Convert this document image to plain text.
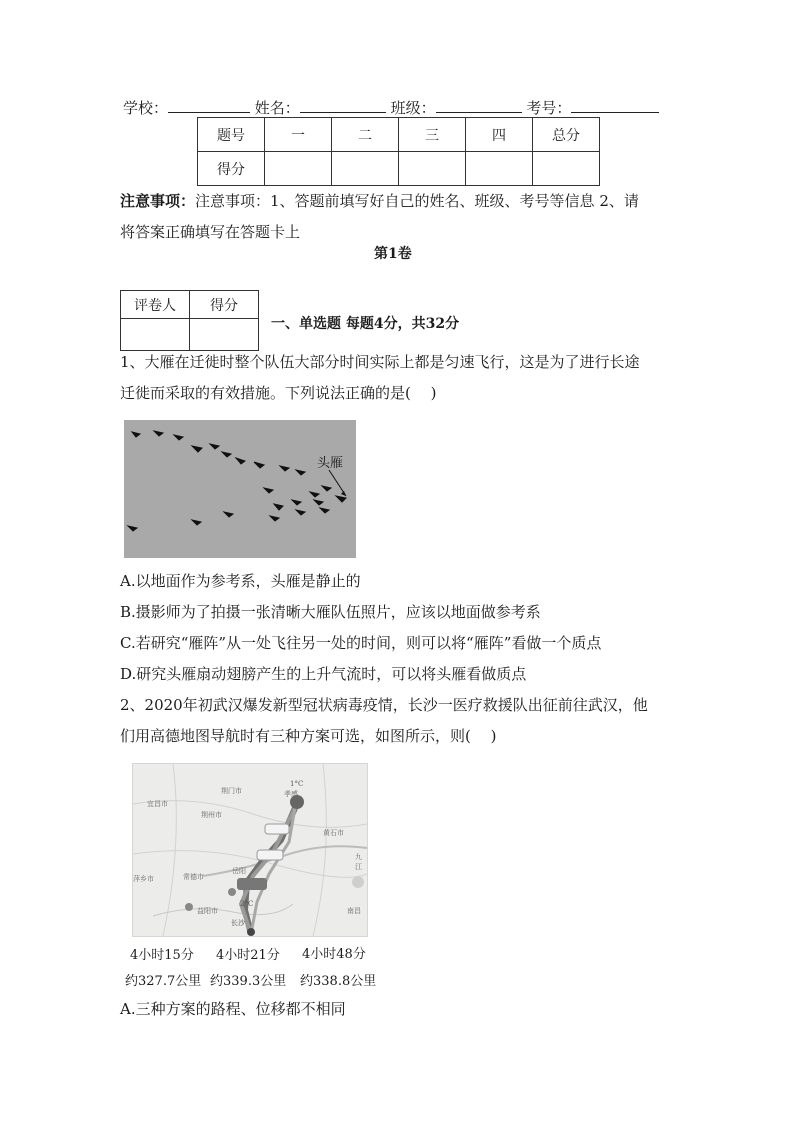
学校：	姓名：	班级：	考号：
题号	一	二	三	四	总分
得分					
注意事项：注意事项：1、答题前填写好自己的姓名、班级、考号等信息 2、请
将答案正确填写在答题卡上
第1卷
评卷人	得分

一、单选题 每题4分，共32分
1、大雁在迁徙时整个队伍大部分时间实际上都是匀速飞行，这是为了进行长途
迁徙而采取的有效措施。下列说法正确的是(　 )
头雁
A.以地面作为参考系，头雁是静止的
B.摄影师为了拍摄一张清晰大雁队伍照片，应该以地面做参考系
C.若研究“雁阵”从一处飞往另一处的时间，则可以将“雁阵”看做一个质点
D.研究头雁扇动翅膀产生的上升气流时，可以将头雁看做质点
2、2020年初武汉爆发新型冠状病毒疫情，长沙一医疗救援队出征前往武汉，他
们用高德地图导航时有三种方案可选，如图所示，则(　 )
荆门市	孝感
宜昌市
荆州市
黄石市
常德市
益阳市
岳阳
长沙
南昌
九江
萍乡市
1°C
2°C
4小时15分 4小时21分 4小时48分
约327.7公里 约339.3公里 约338.8公里
A.三种方案的路程、位移都不相同
